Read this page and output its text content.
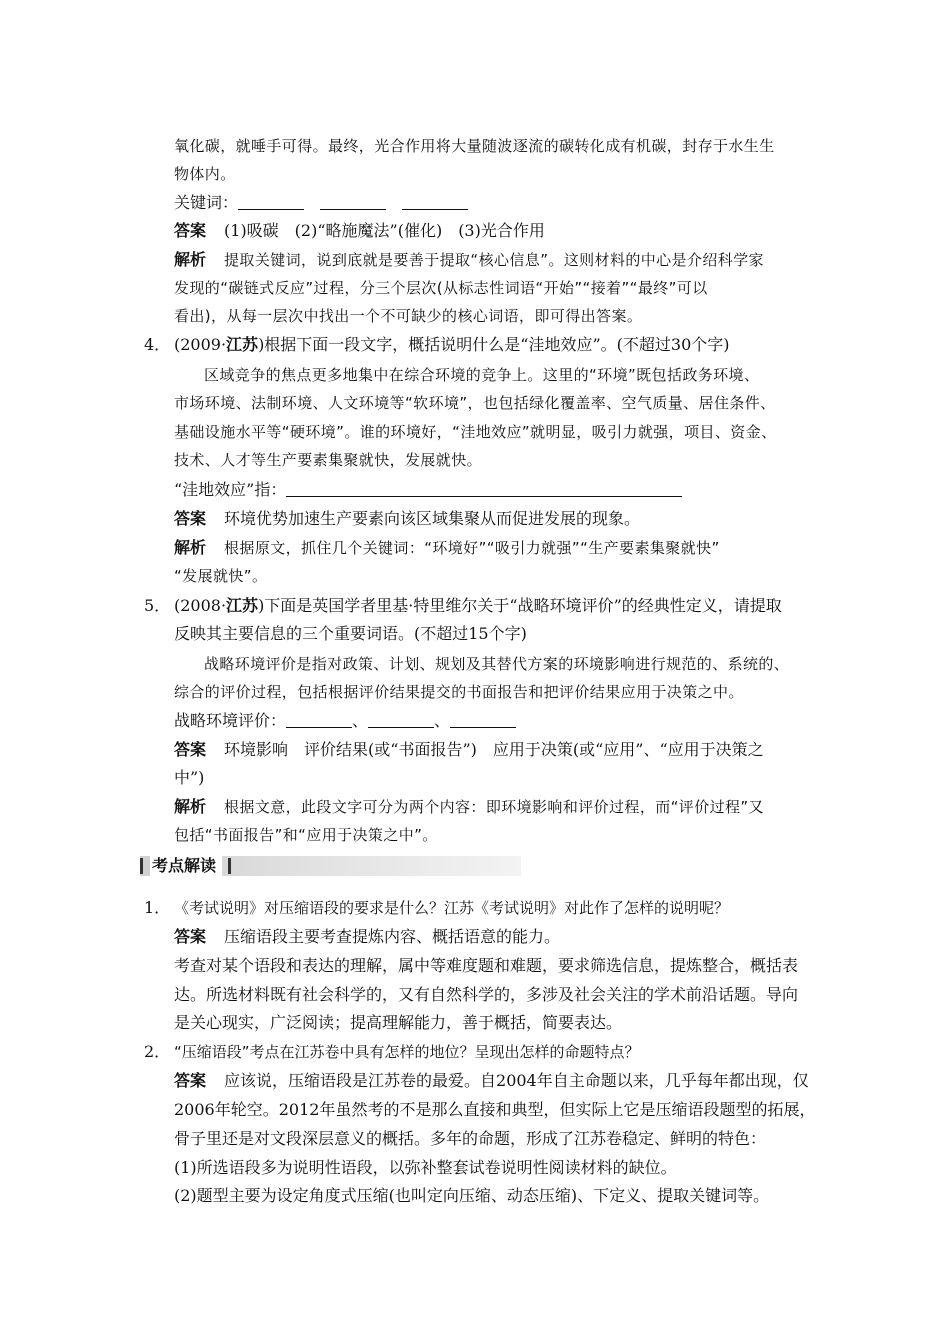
氧化碳，就唾手可得。最终，光合作用将大量随波逐流的碳转化成有机碳，封存于水生生
物体内。
关键词：
答案 (1)吸碳　(2)“略施魔法”(催化)　(3)光合作用
解析 提取关键词，说到底就是要善于提取“核心信息”。这则材料的中心是介绍科学家
发现的“碳链式反应”过程，分三个层次(从标志性词语“开始”“接着”“最终”可以
看出)，从每一层次中找出一个不可缺少的核心词语，即可得出答案。
4． (2009·江苏)根据下面一段文字，概括说明什么是“洼地效应”。(不超过30个字)
区域竞争的焦点更多地集中在综合环境的竞争上。这里的“环境”既包括政务环境、
市场环境、法制环境、人文环境等“软环境”，也包括绿化覆盖率、空气质量、居住条件、
基础设施水平等“硬环境”。谁的环境好，“洼地效应”就明显，吸引力就强，项目、资金、
技术、人才等生产要素集聚就快，发展就快。
“洼地效应”指：
答案 环境优势加速生产要素向该区域集聚从而促进发展的现象。
解析 根据原文，抓住几个关键词：“环境好”“吸引力就强”“生产要素集聚就快”
“发展就快”。
5． (2008·江苏)下面是英国学者里基·特里维尔关于“战略环境评价”的经典性定义，请提取
反映其主要信息的三个重要词语。(不超过15个字)
战略环境评价是指对政策、计划、规划及其替代方案的环境影响进行规范的、系统的、
综合的评价过程，包括根据评价结果提交的书面报告和把评价结果应用于决策之中。
战略环境评价：	、	、
答案 环境影响　评价结果(或“书面报告”)　应用于决策(或“应用”、“应用于决策之
中”)
解析 根据文意，此段文字可分为两个内容：即环境影响和评价过程，而“评价过程”又
包括“书面报告”和“应用于决策之中”。
考点解读
1． 《考试说明》对压缩语段的要求是什么？江苏《考试说明》对此作了怎样的说明呢？
答案 压缩语段主要考查提炼内容、概括语意的能力。
考查对某个语段和表达的理解，属中等难度题和难题，要求筛选信息，提炼整合，概括表
达。所选材料既有社会科学的，又有自然科学的，多涉及社会关注的学术前沿话题。导向
是关心现实，广泛阅读；提高理解能力，善于概括，简要表达。
2． “压缩语段”考点在江苏卷中具有怎样的地位？呈现出怎样的命题特点？
答案 应该说，压缩语段是江苏卷的最爱。自2004年自主命题以来，几乎每年都出现，仅
2006年轮空。2012年虽然考的不是那么直接和典型，但实际上它是压缩语段题型的拓展，
骨子里还是对文段深层意义的概括。多年的命题，形成了江苏卷稳定、鲜明的特色：
(1)所选语段多为说明性语段，以弥补整套试卷说明性阅读材料的缺位。
(2)题型主要为设定角度式压缩(也叫定向压缩、动态压缩)、下定义、提取关键词等。
